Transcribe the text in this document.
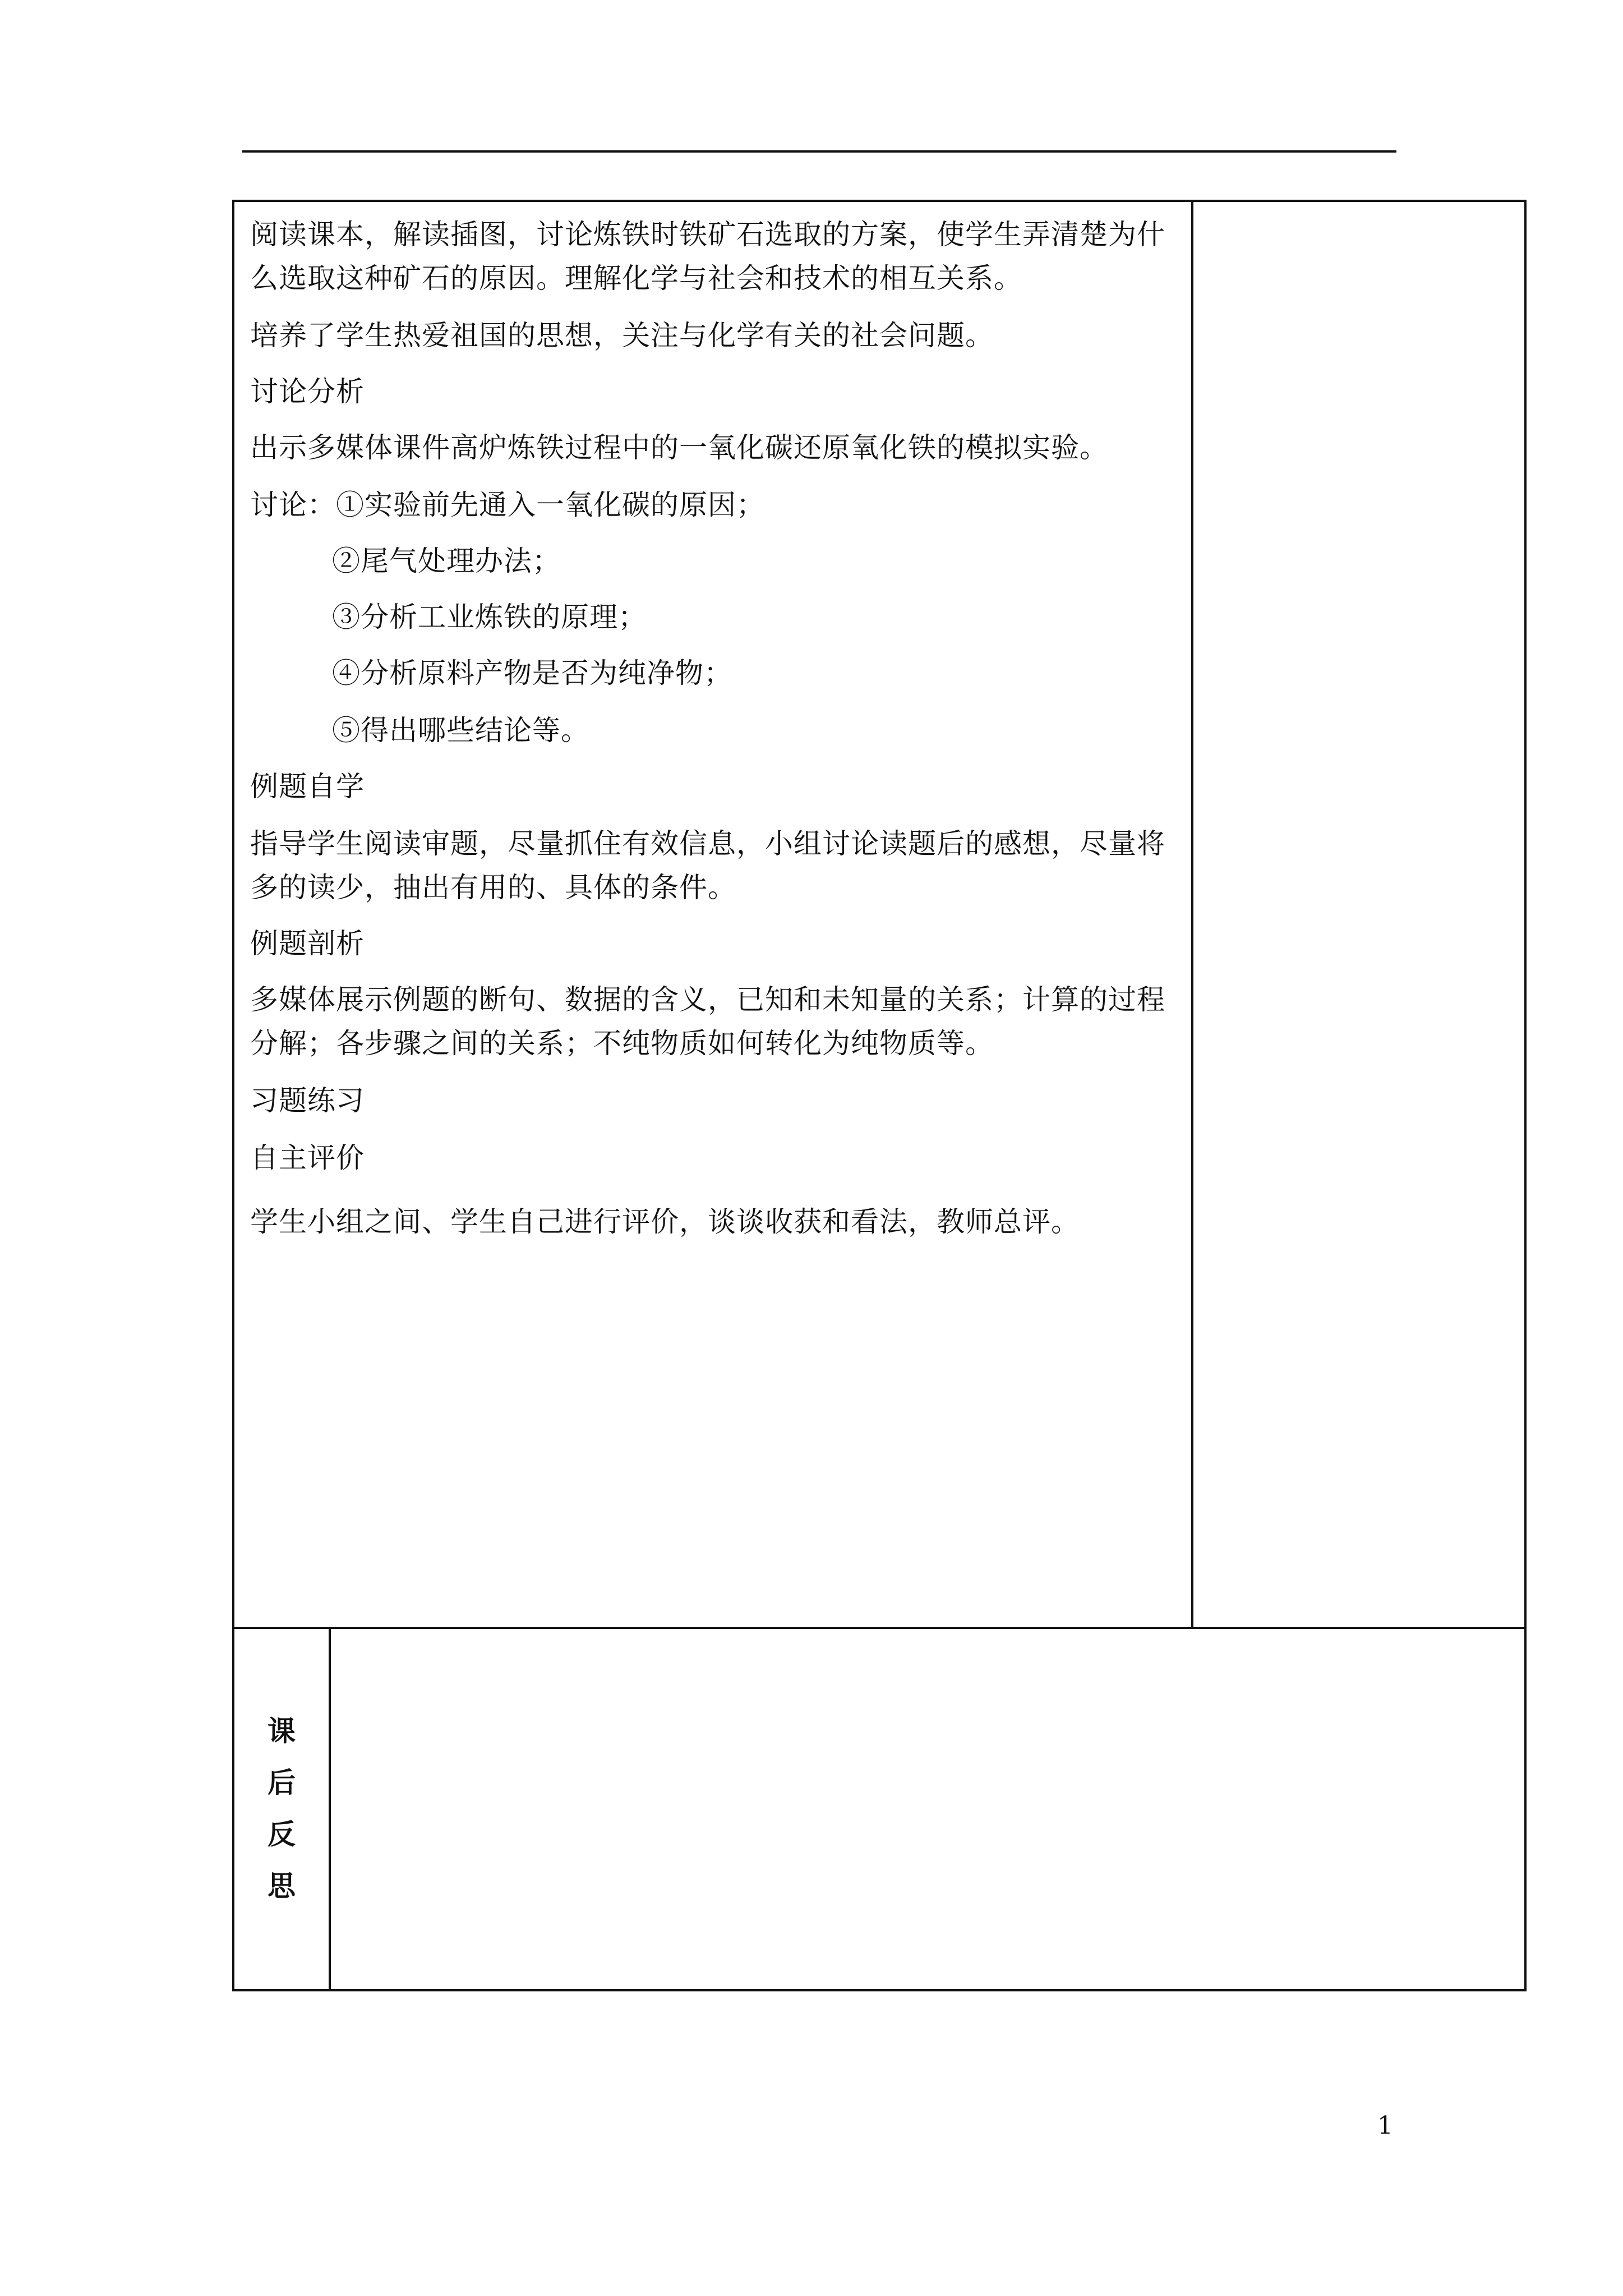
阅读课本，解读插图，讨论炼铁时铁矿石选取的方案，使学生弄清楚为什
么选取这种矿石的原因。理解化学与社会和技术的相互关系。
培养了学生热爱祖国的思想，关注与化学有关的社会问题。
讨论分析
出示多媒体课件高炉炼铁过程中的一氧化碳还原氧化铁的模拟实验。
讨论：①实验前先通入一氧化碳的原因；
②尾气处理办法；
③分析工业炼铁的原理；
④分析原料产物是否为纯净物；
⑤得出哪些结论等。
例题自学
指导学生阅读审题，尽量抓住有效信息，小组讨论读题后的感想，尽量将
多的读少，抽出有用的、具体的条件。
例题剖析
多媒体展示例题的断句、数据的含义，已知和未知量的关系；计算的过程
分解；各步骤之间的关系；不纯物质如何转化为纯物质等。
习题练习
自主评价
学生小组之间、学生自己进行评价，谈谈收获和看法，教师总评。
课
后
反
思
1
